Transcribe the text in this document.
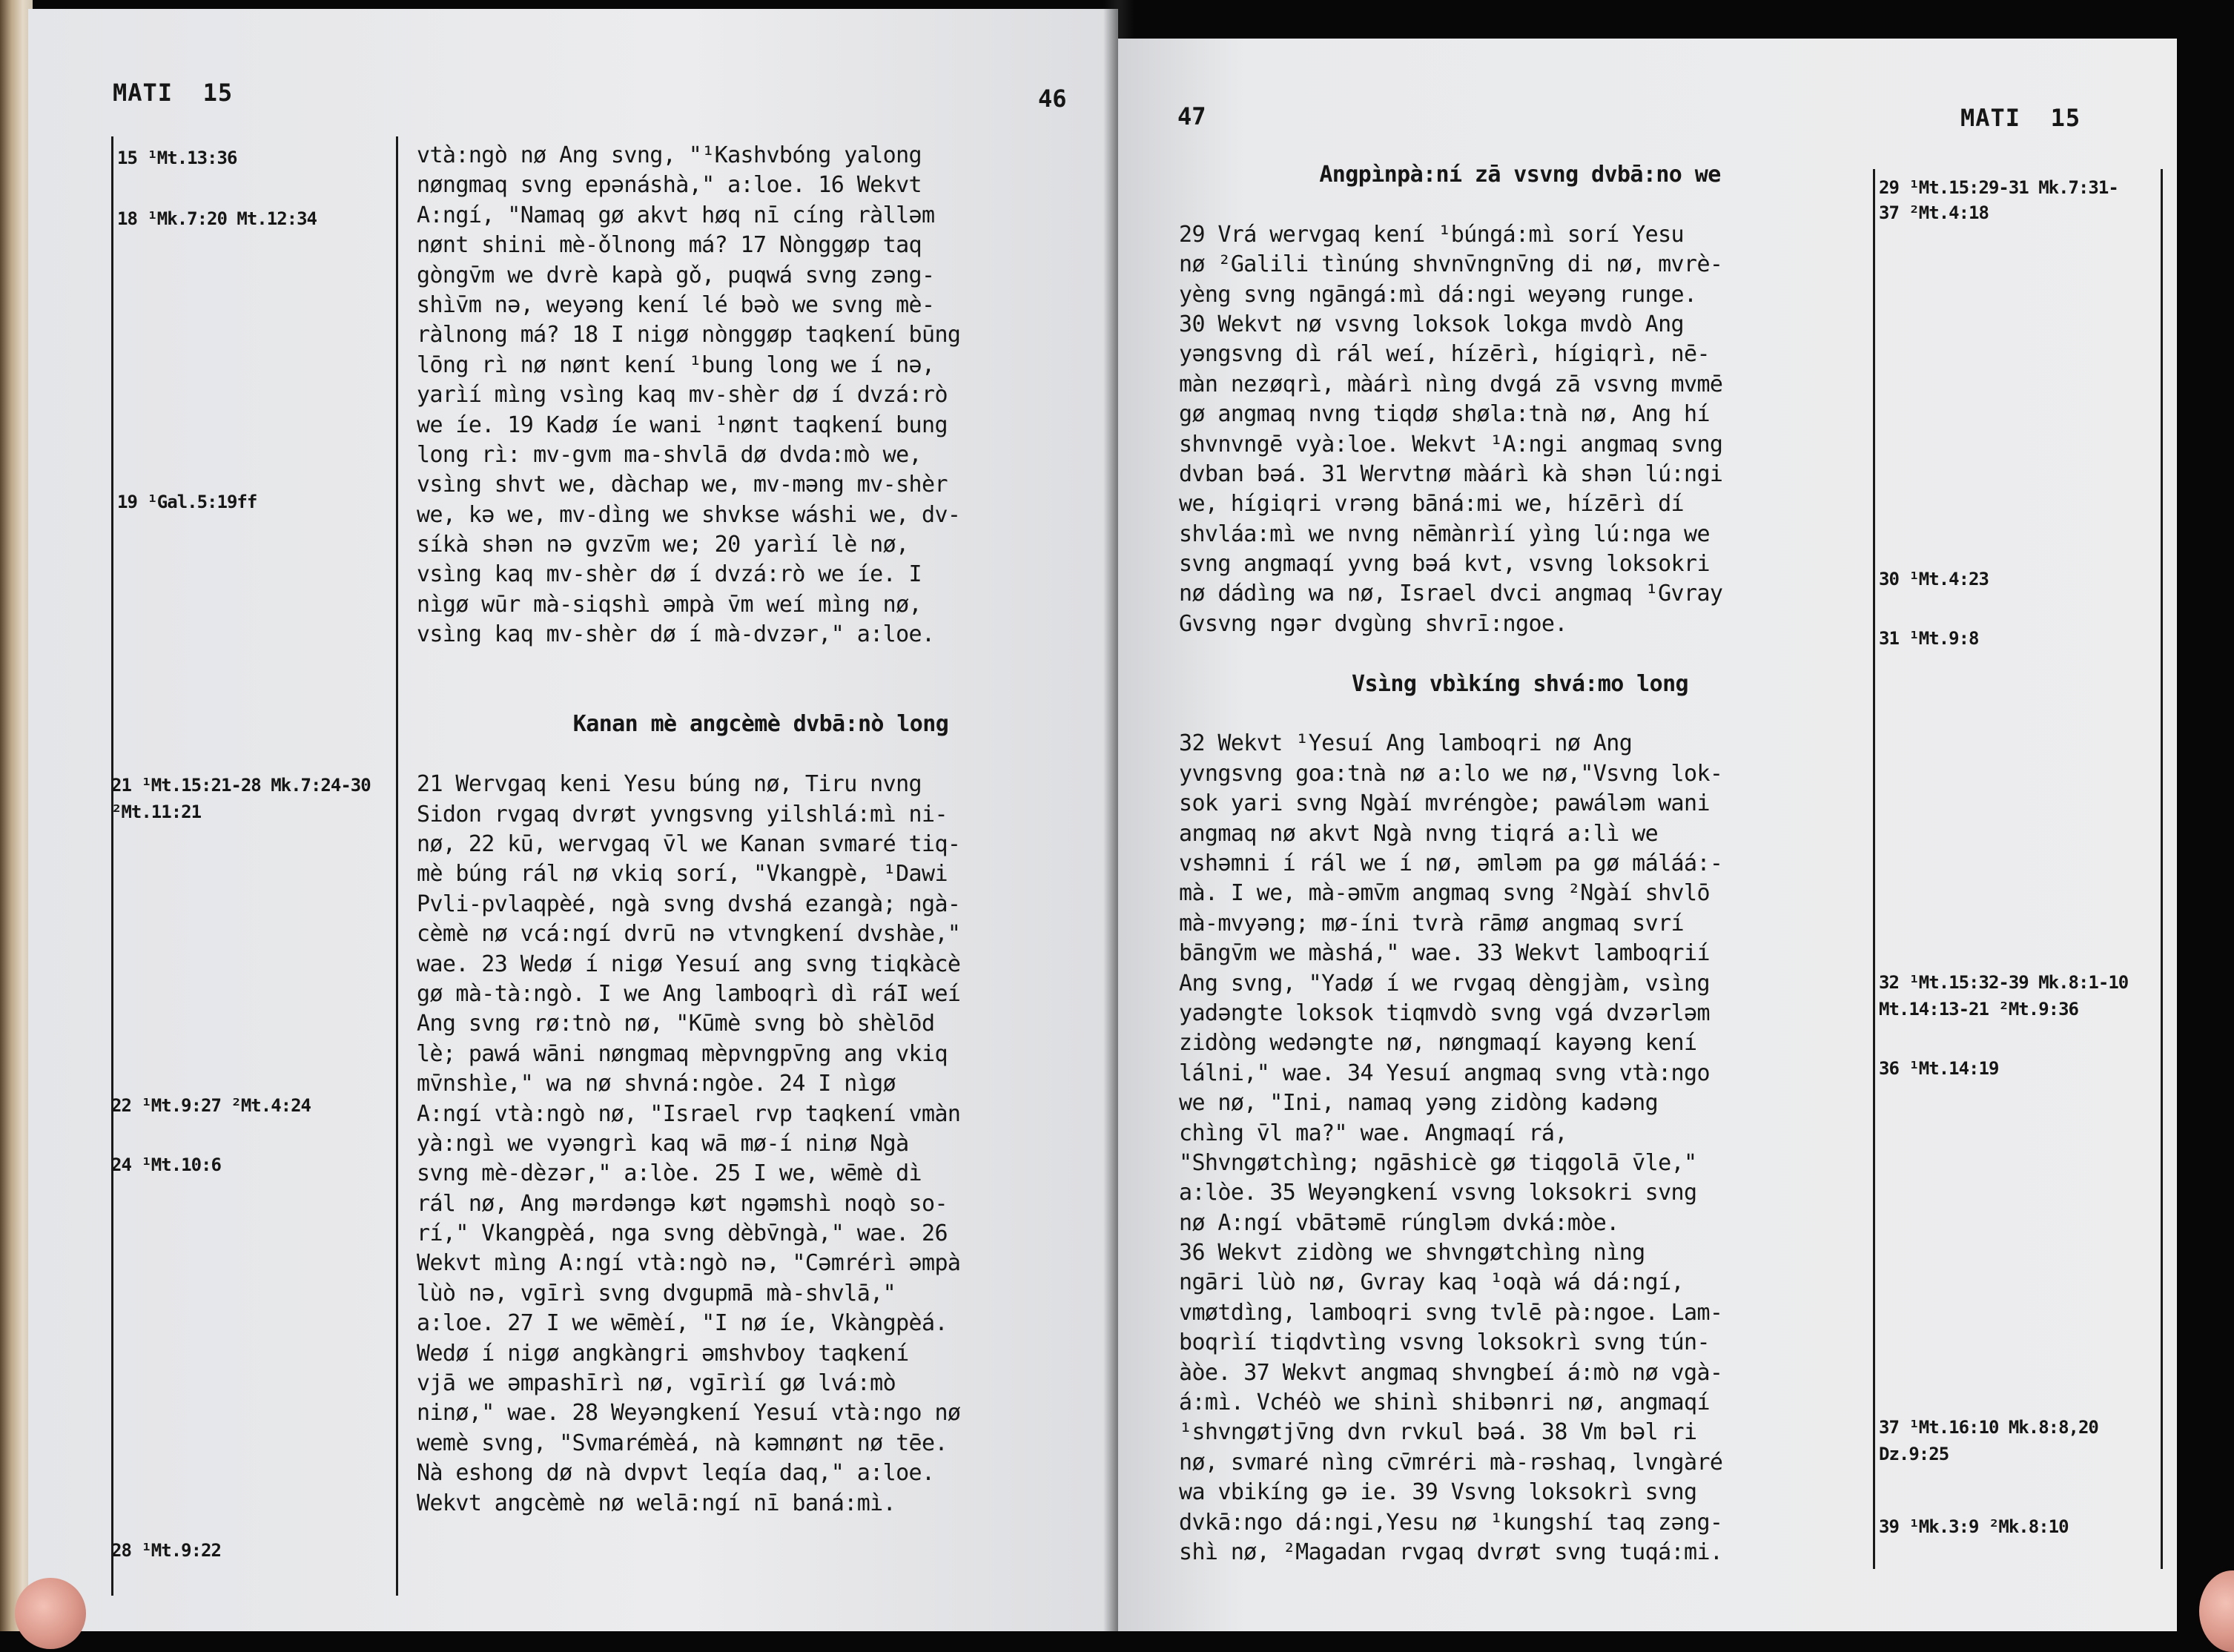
MATI  15	46
15 ¹Mt.13:36
18 ¹Mk.7:20 Mt.12:34
19 ¹Gal.5:19ff
21 ¹Mt.15:21-28 Mk.7:24-30
²Mt.11:21
22 ¹Mt.9:27 ²Mt.4:24
24 ¹Mt.10:6
28 ¹Mt.9:22
vtà:ngò nø Ang svng, "¹Kashvbóng yalong
nøngmaq svng epǝnáshà," a:loe. 16 Wekvt
A:ngí, "Namaq gø akvt høq nī cíng ràllǝm
nønt shini mè-ǒlnong má? 17 Nònggøp taq
gòngv̄m we dvrè kapà gǒ, puqwá svng zǝng-
shìv̄m nǝ, weyǝng kení lé bǝò we svng mè-
ràlnong má? 18 I nigø nònggøp taqkení būng
lōng rì nø nønt kení ¹bung long we í nǝ,
yarìí mìng vsìng kaq mv-shèr dø í dvzá:rò
we íe. 19 Kadø íe wani ¹nønt taqkení bung
long rì: mv-gvm ma-shvlā dø dvda:mò we,
vsìng shvt we, dàchap we, mv-mǝng mv-shèr
we, kǝ we, mv-dìng we shvkse wáshi we, dv-
síkà shǝn nǝ gvzv̄m we; 20 yarìí lè nø,
vsìng kaq mv-shèr dø í dvzá:rò we íe. I
nìgø wūr mà-siqshì ǝmpà v̄m weí mìng nø,
vsìng kaq mv-shèr dø í mà-dvzǝr," a:loe.
Kanan mè angcèmè dvbā:nò long
21 Wervgaq keni Yesu búng nø, Tiru nvng
Sidon rvgaq dvrøt yvngsvng yilshlá:mì ni-
nø, 22 kū, wervgaq v̄l we Kanan svmaré tiq-
mè búng rál nø vkiq sorí, "Vkangpè, ¹Dawi
Pvli-pvlaqpèé, ngà svng dvshá ezangà; ngà-
cèmè nø vcá:ngí dvrū nǝ vtvngkení dvshàe,"
wae. 23 Wedø í nigø Yesuí ang svng tiqkàcè
gø mà-tà:ngò. I we Ang lamboqrì dì ráI weí
Ang svng rø:tnò nø, "Kūmè svng bò shèlōd
lè; pawá wāni nøngmaq mèpvngpv̄ng ang vkiq
mv̄nshìe," wa nø shvná:ngòe. 24 I nìgø
A:ngí vtà:ngò nø, "Israel rvp taqkení vmàn
yà:ngì we vyǝngrì kaq wā mø-í ninø Ngà
svng mè-dèzǝr," a:lòe. 25 I we, wēmè dì
rál nø, Ang mǝrdǝngǝ køt ngǝmshì noqò so-
rí," Vkangpèá, nga svng dèbv̄ngà," wae. 26
Wekvt mìng A:ngí vtà:ngò nǝ, "Cǝmrérì ǝmpà
lùò nǝ, vgīrì svng dvgupmā mà-shvlā,"
a:loe. 27 I we wēmèí, "I nø íe, Vkàngpèá.
Wedø í nigø angkàngri ǝmshvboy taqkení
vjā we ǝmpashīrì nø, vgīrìí gø lvá:mò
ninø," wae. 28 Weyǝngkení Yesuí vtà:ngo nø
wemè svng, "Svmarémèá, nà kǝmnønt nø tēe.
Nà eshong dø nà dvpvt leqía daq," a:loe.
Wekvt angcèmè nø welā:ngí nī baná:mì.
47	MATI  15
Angpìnpà:ní zā vsvng dvbā:no we
29 Vrá wervgaq kení ¹búngá:mì sorí Yesu
nø ²Galili tìnúng shvnv̄ngnv̄ng di nø, mvrè-
yèng svng ngāngá:mì dá:ngi weyǝng runge.
30 Wekvt nø vsvng loksok lokga mvdò Ang
yǝngsvng dì rál weí, hízērì, hígiqrì, nē-
màn nezøqrì, màárì nìng dvgá zā vsvng mvmē
gø angmaq nvng tiqdø shøla:tnà nø, Ang hí
shvnvngē vyà:loe. Wekvt ¹A:ngi angmaq svng
dvban bǝá. 31 Wervtnø màárì kà shǝn lú:ngi
we, hígiqri vrǝng bāná:mi we, hízērì dí
shvláa:mì we nvng nēmànrìí yìng lú:nga we
svng angmaqí yvng bǝá kvt, vsvng loksokri
nø dádìng wa nø, Israel dvci angmaq ¹Gvray
Gvsvng ngǝr dvgùng shvrī:ngoe.
Vsìng vbìkíng shvá:mo long
32 Wekvt ¹Yesuí Ang lamboqri nø Ang
yvngsvng goa:tnà nø a:lo we nø,"Vsvng lok-
sok yari svng Ngàí mvréngòe; pawálǝm wani
angmaq nø akvt Ngà nvng tiqrá a:lì we
vshǝmni í rál we í nø, ǝmlǝm pa gø máláá:-
mà. I we, mà-ǝmv̄m angmaq svng ²Ngàí shvlō
mà-mvyǝng; mø-íni tvrà rāmø angmaq svrí
bāngv̄m we màshá," wae. 33 Wekvt lamboqrií
Ang svng, "Yadø í we rvgaq dèngjàm, vsìng
yadǝngte loksok tiqmvdò svng vgá dvzǝrlǝm
zidòng wedǝngte nø, nøngmaqí kayǝng kení
lálni," wae. 34 Yesuí angmaq svng vtà:ngo
we nø, "Ini, namaq yǝng zidòng kadǝng
chìng v̄l ma?" wae. Angmaqí rá,
"Shvngøtchìng; ngāshicè gø tiqgolā v̄le,"
a:lòe. 35 Weyǝngkení vsvng loksokri svng
nø A:ngí vbātǝmē rúnglǝm dvká:mòe.
36 Wekvt zidòng we shvngøtchìng nìng
ngāri lùò nø, Gvray kaq ¹oqà wá dá:ngí,
vmøtdìng, lamboqri svng tvlē pà:ngoe. Lam-
boqrìí tiqdvtìng vsvng loksokrì svng tún-
àòe. 37 Wekvt angmaq shvngbeí á:mò nø vgà-
á:mì. Vchéò we shinì shibǝnri nø, angmaqí
¹shvngøtjv̄ng dvn rvkul bǝá. 38 Vm bǝl ri
nø, svmaré nìng cv̄mréri mà-rǝshaq, lvngàré
wa vbikíng gǝ ie. 39 Vsvng loksokrì svng
dvkā:ngo dá:ngi,Yesu nø ¹kungshí taq zǝng-
shì nø, ²Magadan rvgaq dvrøt svng tuqá:mi.
29 ¹Mt.15:29-31 Mk.7:31-
37 ²Mt.4:18
30 ¹Mt.4:23
31 ¹Mt.9:8
32 ¹Mt.15:32-39 Mk.8:1-10
Mt.14:13-21 ²Mt.9:36
36 ¹Mt.14:19
37 ¹Mt.16:10 Mk.8:8,20
Dz.9:25
39 ¹Mk.3:9 ²Mk.8:10
